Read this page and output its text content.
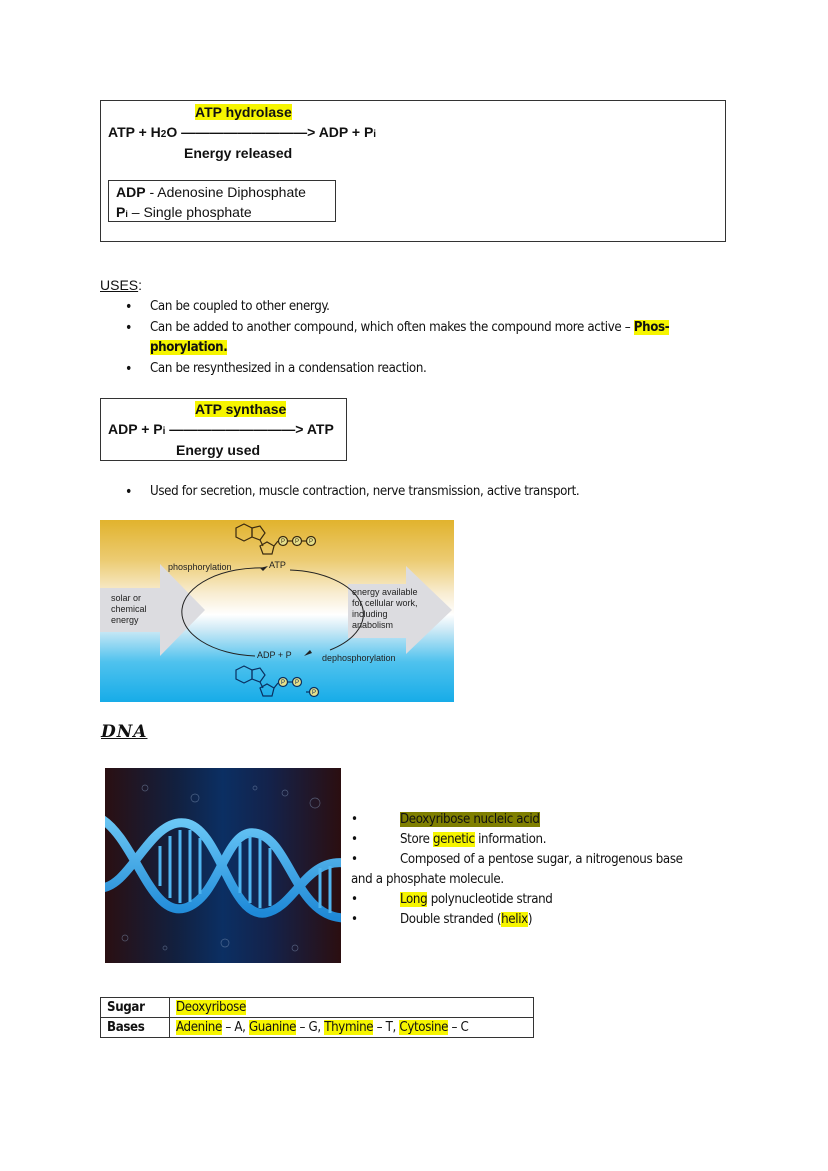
ATP hydrolase
ATP + H2O —————————> ADP + Pi
Energy released
ADP - Adenosine Diphosphate
Pi – Single phosphate
USES:
• Can be coupled to other energy.
• Can be added to another compound, which often makes the compound more active – Phos-phorylation.
• Can be resynthesized in a condensation reaction.
ATP synthase
ADP + Pi —————————> ATP
Energy used
• Used for secretion, muscle contraction, nerve transmission, active transport.
P P P
P P
P
solar or
chemical
energy
energy available
for cellular work,
including
anabolism
phosphorylation	ATP
ADP + P	dephosphorylation
DNA
•	Deoxyribose nucleic acid
•	Store genetic information.
•	Composed of a pentose sugar, a nitrogenous base
and a phosphate molecule.
•	Long polynucleotide strand
•	Double stranded (helix)
Sugar	Deoxyribose
Bases	Adenine – A, Guanine – G, Thymine – T, Cytosine – C
